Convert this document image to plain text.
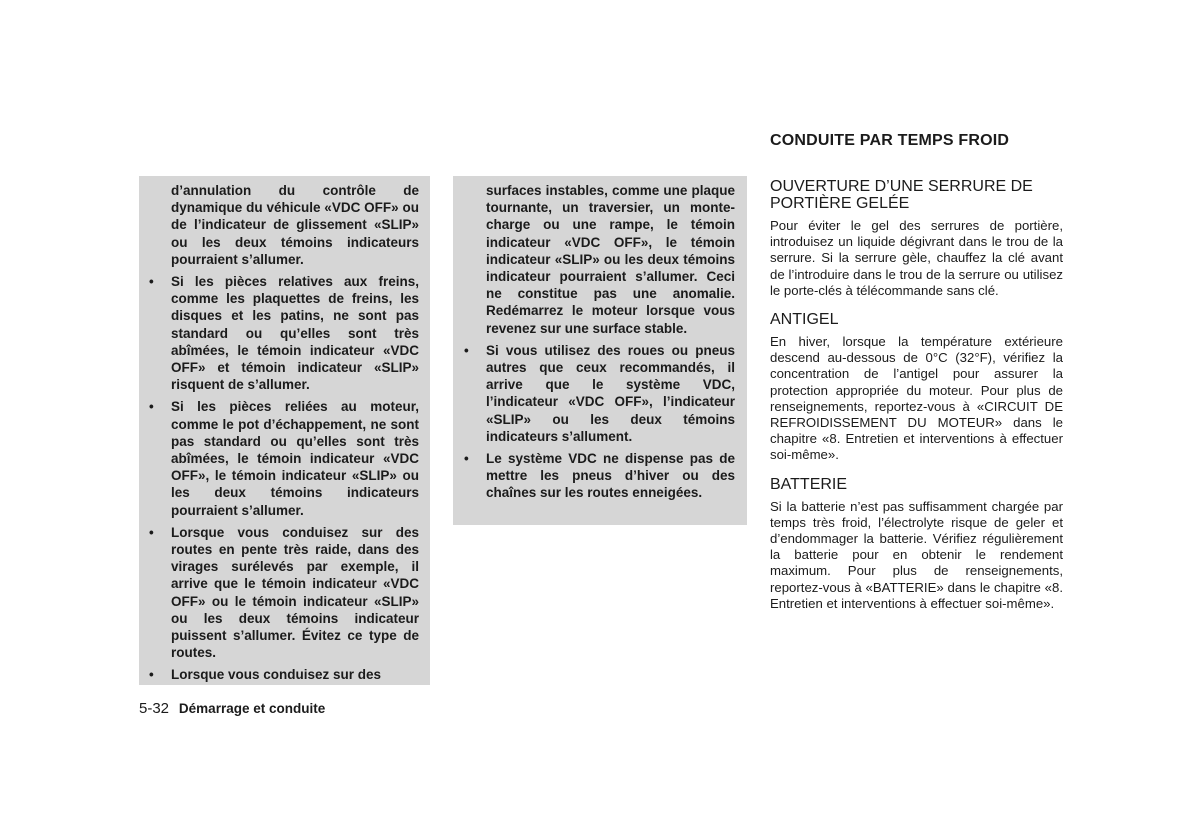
d’annulation du contrôle de dynamique du véhicule «VDC OFF» ou de l’indicateur de glissement «SLIP» ou les deux témoins indicateurs pourraient s’allumer.

• Si les pièces relatives aux freins, comme les plaquettes de freins, les disques et les patins, ne sont pas standard ou qu’elles sont très abîmées, le témoin indicateur «VDC OFF» et témoin indicateur «SLIP» risquent de s’allumer.

• Si les pièces reliées au moteur, comme le pot d’échappement, ne sont pas standard ou qu’elles sont très abîmées, le témoin indicateur «VDC OFF», le témoin indicateur «SLIP» ou les deux témoins indicateurs pourraient s’allumer.

• Lorsque vous conduisez sur des routes en pente très raide, dans des virages surélevés par exemple, il arrive que le témoin indicateur «VDC OFF» ou le témoin indicateur «SLIP» ou les deux témoins indicateur puissent s’allumer. Évitez ce type de routes.

• Lorsque vous conduisez sur des

surfaces instables, comme une plaque tournante, un traversier, un monte-charge ou une rampe, le témoin indicateur «VDC OFF», le témoin indicateur «SLIP» ou les deux témoins indicateur pourraient s’allumer. Ceci ne constitue pas une anomalie. Redémarrez le moteur lorsque vous revenez sur une surface stable.

• Si vous utilisez des roues ou pneus autres que ceux recommandés, il arrive que le système VDC, l’indicateur «VDC OFF», l’indicateur «SLIP» ou les deux témoins indicateurs s’allument.

• Le système VDC ne dispense pas de mettre les pneus d’hiver ou des chaînes sur les routes enneigées.

CONDUITE PAR TEMPS FROID
OUVERTURE D’UNE SERRURE DE PORTIÈRE GELÉE

Pour éviter le gel des serrures de portière, introduisez un liquide dégivrant dans le trou de la serrure. Si la serrure gèle, chauffez la clé avant de l’introduire dans le trou de la serrure ou utilisez le porte-clés à télécommande sans clé.

ANTIGEL

En hiver, lorsque la température extérieure descend au-dessous de 0°C (32°F), vérifiez la concentration de l’antigel pour assurer la protection appropriée du moteur. Pour plus de renseignements, reportez-vous à «CIRCUIT DE REFROIDISSEMENT DU MOTEUR» dans le chapitre «8. Entretien et interventions à effectuer soi-même».

BATTERIE

Si la batterie n’est pas suffisamment chargée par temps très froid, l’électrolyte risque de geler et d’endommager la batterie. Vérifiez régulièrement la batterie pour en obtenir le rendement maximum. Pour plus de renseignements, reportez-vous à «BATTERIE» dans le chapitre «8. Entretien et interventions à effectuer soi-même».

5-32 Démarrage et conduite
